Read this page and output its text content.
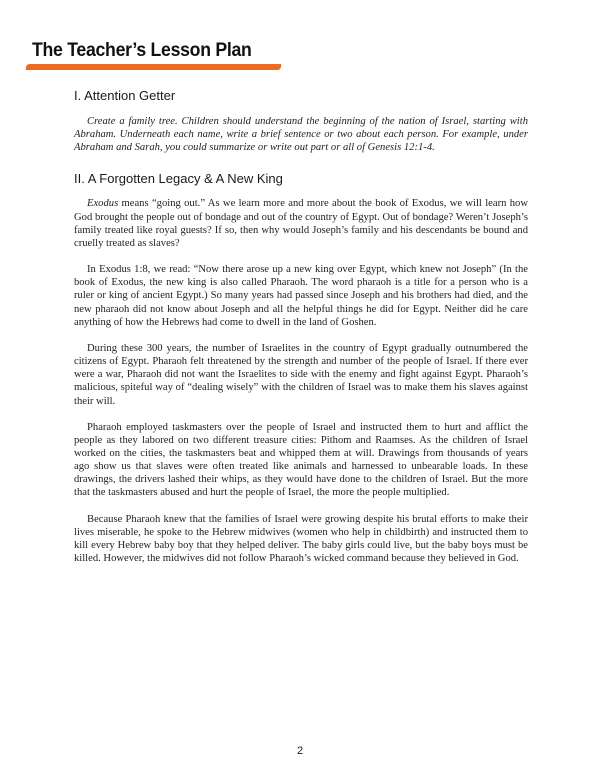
The Teacher’s Lesson Plan
I. Attention Getter

Create a family tree. Children should understand the beginning of the nation of Israel, starting with Abraham. Underneath each name, write a brief sentence or two about each person. For example, under Abraham and Sarah, you could summarize or write out part or all of Genesis 12:1-4.

II. A Forgotten Legacy & A New King

Exodus means “going out.” As we learn more and more about the book of Exodus, we will learn how God brought the people out of bondage and out of the country of Egypt. Out of bondage? Weren’t Joseph’s family treated like royal guests? If so, then why would Joseph’s family and his descendants be bound and cruelly treated as slaves?

In Exodus 1:8, we read: “Now there arose up a new king over Egypt, which knew not Joseph” (In the book of Exodus, the new king is also called Pharaoh. The word pharaoh is a title for a person who is a ruler or king of ancient Egypt.) So many years had passed since Joseph and his brothers had died, and the new pharaoh did not know about Joseph and all the helpful things he did for Egypt. Neither did he care anything of how the Hebrews had come to dwell in the land of Goshen.

During these 300 years, the number of Israelites in the country of Egypt gradually outnumbered the citizens of Egypt. Pharaoh felt threatened by the strength and number of the people of Israel. If there ever were a war, Pharaoh did not want the Israelites to side with the enemy and fight against Egypt. Pharaoh’s malicious, spiteful way of “dealing wisely” with the children of Israel was to make them his slaves against their will.

Pharaoh employed taskmasters over the people of Israel and instructed them to hurt and afflict the people as they labored on two different treasure cities: Pithom and Raamses. As the children of Israel worked on the cities, the taskmasters beat and whipped them at will. Drawings from thousands of years ago show us that slaves were often treated like animals and harnessed to unbearable loads. In these drawings, the drivers lashed their whips, as they would have done to the children of Israel. But the more that the taskmasters abused and hurt the people of Israel, the more the people multiplied.

Because Pharaoh knew that the families of Israel were growing despite his brutal efforts to make their lives miserable, he spoke to the Hebrew midwives (women who help in childbirth) and instructed them to kill every Hebrew baby boy that they helped deliver. The baby girls could live, but the baby boys must be killed. However, the midwives did not follow Pharaoh’s wicked command because they believed in God.

2
